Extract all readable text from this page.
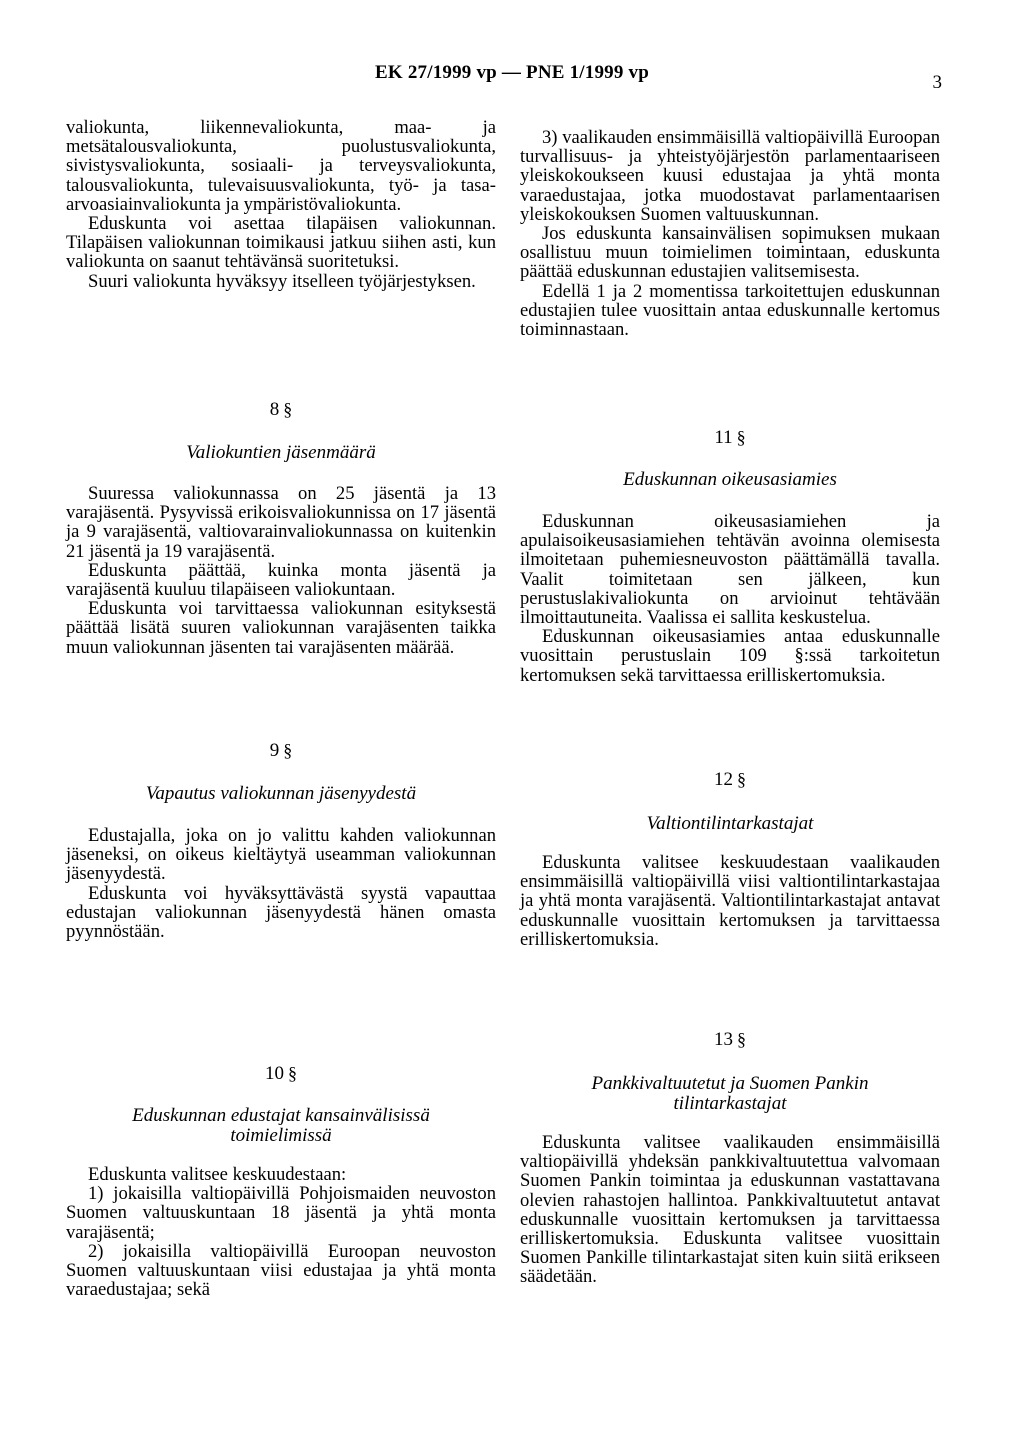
EK 27/1999 vp — PNE 1/1999 vp	3

valiokunta, liikennevaliokunta, maa- ja metsätalousvaliokunta, puolustusvaliokunta, sivistysvaliokunta, sosiaali- ja terveysvaliokunta, talousvaliokunta, tulevaisuusvaliokunta, työ- ja tasa-arvoasiainvaliokunta ja ympäristövaliokunta.

Eduskunta voi asettaa tilapäisen valiokunnan. Tilapäisen valiokunnan toimikausi jatkuu siihen asti, kun valiokunta on saanut tehtävänsä suoritetuksi.

Suuri valiokunta hyväksyy itselleen työjärjestyksen.

8 §
Valiokuntien jäsenmäärä

Suuressa valiokunnassa on 25 jäsentä ja 13 varajäsentä. Pysyvissä erikoisvaliokunnissa on 17 jäsentä ja 9 varajäsentä, valtiovarainvaliokunnassa on kuitenkin 21 jäsentä ja 19 varajäsentä.

Eduskunta päättää, kuinka monta jäsentä ja varajäsentä kuuluu tilapäiseen valiokuntaan.

Eduskunta voi tarvittaessa valiokunnan esityksestä päättää lisätä suuren valiokunnan varajäsenten taikka muun valiokunnan jäsenten tai varajäsenten määrää.

9 §
Vapautus valiokunnan jäsenyydestä

Edustajalla, joka on jo valittu kahden valiokunnan jäseneksi, on oikeus kieltäytyä useamman valiokunnan jäsenyydestä.

Eduskunta voi hyväksyttävästä syystä vapauttaa edustajan valiokunnan jäsenyydestä hänen omasta pyynnöstään.

10 §
Eduskunnan edustajat kansainvälisissä toimielimissä

Eduskunta valitsee keskuudestaan:

1) jokaisilla valtiopäivillä Pohjoismaiden neuvoston Suomen valtuuskuntaan 18 jäsentä ja yhtä monta varajäsentä;

2) jokaisilla valtiopäivillä Euroopan neuvoston Suomen valtuuskuntaan viisi edustajaa ja yhtä monta varaedustajaa; sekä

3) vaalikauden ensimmäisillä valtiopäivillä Euroopan turvallisuus- ja yhteistyöjärjestön parlamentaariseen yleiskokoukseen kuusi edustajaa ja yhtä monta varaedustajaa, jotka muodostavat parlamentaarisen yleiskokouksen Suomen valtuuskunnan.

Jos eduskunta kansainvälisen sopimuksen mukaan osallistuu muun toimielimen toimintaan, eduskunta päättää eduskunnan edustajien valitsemisesta.

Edellä 1 ja 2 momentissa tarkoitettujen eduskunnan edustajien tulee vuosittain antaa eduskunnalle kertomus toiminnastaan.

11 §
Eduskunnan oikeusasiamies

Eduskunnan oikeusasiamiehen ja apulaisoikeusasiamiehen tehtävän avoinna olemisesta ilmoitetaan puhemiesneuvoston päättämällä tavalla. Vaalit toimitetaan sen jälkeen, kun perustuslakivaliokunta on arvioinut tehtävään ilmoittautuneita. Vaalissa ei sallita keskustelua.

Eduskunnan oikeusasiamies antaa eduskunnalle vuosittain perustuslain 109 §:ssä tarkoitetun kertomuksen sekä tarvittaessa erilliskertomuksia.

12 §
Valtiontilintarkastajat

Eduskunta valitsee keskuudestaan vaalikauden ensimmäisillä valtiopäivillä viisi valtiontilintarkastajaa ja yhtä monta varajäsentä. Valtiontilintarkastajat antavat eduskunnalle vuosittain kertomuksen ja tarvittaessa erilliskertomuksia.

13 §
Pankkivaltuutetut ja Suomen Pankin tilintarkastajat

Eduskunta valitsee vaalikauden ensimmäisillä valtiopäivillä yhdeksän pankkivaltuutettua valvomaan Suomen Pankin toimintaa ja eduskunnan vastattavana olevien rahastojen hallintoa. Pankkivaltuutetut antavat eduskunnalle vuosittain kertomuksen ja tarvittaessa erilliskertomuksia. Eduskunta valitsee vuosittain Suomen Pankille tilintarkastajat siten kuin siitä erikseen säädetään.
